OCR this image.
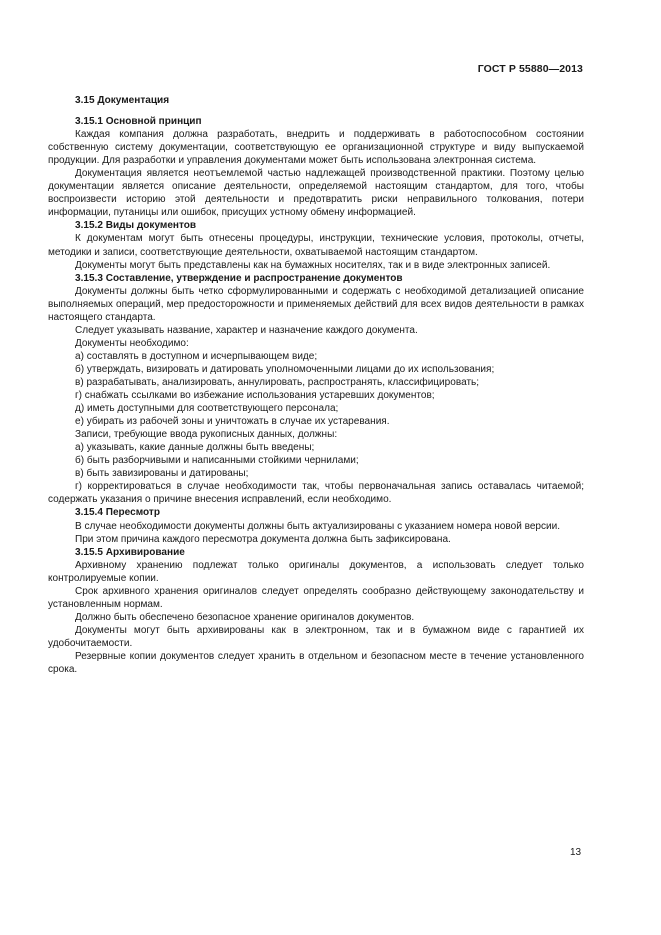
ГОСТ Р 55880—2013
3.15 Документация
3.15.1 Основной принцип

Каждая компания должна разработать, внедрить и поддерживать в работоспособном состоянии собственную систему документации, соответствующую ее организационной структуре и виду выпускаемой продукции. Для разработки и управления документами может быть использована электронная система.

Документация является неотъемлемой частью надлежащей производственной практики. Поэтому целью документации является описание деятельности, определяемой настоящим стандартом, для того, чтобы воспроизвести историю этой деятельности и предотвратить риски неправильного толкования, потери информации, путаницы или ошибок, присущих устному обмену информацией.

3.15.2 Виды документов

К документам могут быть отнесены процедуры, инструкции, технические условия, протоколы, отчеты, методики и записи, соответствующие деятельности, охватываемой настоящим стандартом.

Документы могут быть представлены как на бумажных носителях, так и в виде электронных записей.

3.15.3 Составление, утверждение и распространение документов

Документы должны быть четко сформулированными и содержать с необходимой детализацией описание выполняемых операций, мер предосторожности и применяемых действий для всех видов деятельности в рамках настоящего стандарта.

Следует указывать название, характер и назначение каждого документа.

Документы необходимо:

а) составлять в доступном и исчерпывающем виде;

б) утверждать, визировать и датировать уполномоченными лицами до их использования;

в) разрабатывать, анализировать, аннулировать, распространять, классифицировать;

г) снабжать ссылками во избежание использования устаревших документов;

д) иметь доступными для соответствующего персонала;

е) убирать из рабочей зоны и уничтожать в случае их устаревания.

Записи, требующие ввода рукописных данных, должны:

а) указывать, какие данные должны быть введены;

б) быть разборчивыми и написанными стойкими чернилами;

в) быть завизированы и датированы;

г) корректироваться в случае необходимости так, чтобы первоначальная запись оставалась читаемой; содержать указания о причине внесения исправлений, если необходимо.

3.15.4 Пересмотр

В случае необходимости документы должны быть актуализированы с указанием номера новой версии.

При этом причина каждого пересмотра документа должна быть зафиксирована.

3.15.5 Архивирование

Архивному хранению подлежат только оригиналы документов, а использовать следует только контролируемые копии.

Срок архивного хранения оригиналов следует определять сообразно действующему законодательству и установленным нормам.

Должно быть обеспечено безопасное хранение оригиналов документов.

Документы могут быть архивированы как в электронном, так и в бумажном виде с гарантией их удобочитаемости.

Резервные копии документов следует хранить в отдельном и безопасном месте в течение установленного срока.

13
